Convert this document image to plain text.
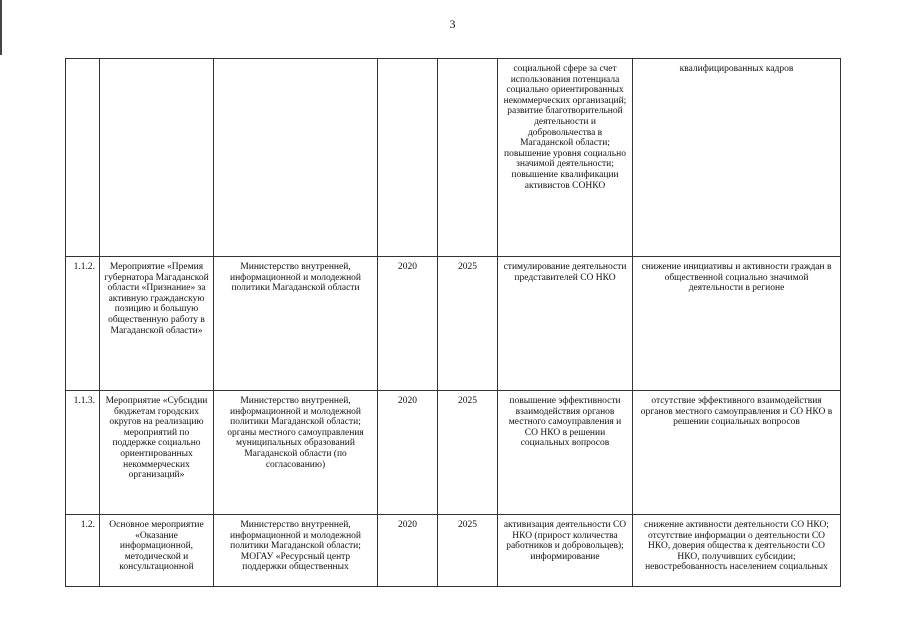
3
					социальной сфере за счет использования потенциала социально ориентированных некоммерческих организаций; развитие благотворительной деятельности и добровольчества в Магаданской области; повышение уровня социально значимой деятельности; повышение квалификации активистов СОНКО	квалифицированных кадров
1.1.2.	Мероприятие «Премия губернатора Магаданской области «Признание» за активную гражданскую позицию и большую общественную работу в Магаданской области»	Министерство внутренней, информационной и молодежной политики Магаданской области	2020	2025	стимулирование деятельности представителей СО НКО	снижение инициативы и активности граждан в общественной социально значимой деятельности в регионе
1.1.3.	Мероприятие «Субсидии бюджетам городских округов на реализацию мероприятий по поддержке социально ориентированных некоммерческих организаций»	Министерство внутренней, информационной и молодежной политики Магаданской области; органы местного самоуправления муниципальных образований Магаданской области (по согласованию)	2020	2025	повышение эффективности взаимодействия органов местного самоуправления и СО НКО в решении социальных вопросов	отсутствие эффективного взаимодействия органов местного самоуправления и СО НКО в решении социальных вопросов
1.2.	Основное мероприятие «Оказание информационной, методической и консультационной	Министерство внутренней, информационной и молодежной политики Магаданской области; МОГАУ «Ресурсный центр поддержки общественных	2020	2025	активизация деятельности СО НКО (прирост количества работников и добровольцев); информирование	снижение активности деятельности СО НКО; отсутствие информации о деятельности СО НКО, доверия общества к деятельности СО НКО, получивших субсидии; невостребованность населением социальных
